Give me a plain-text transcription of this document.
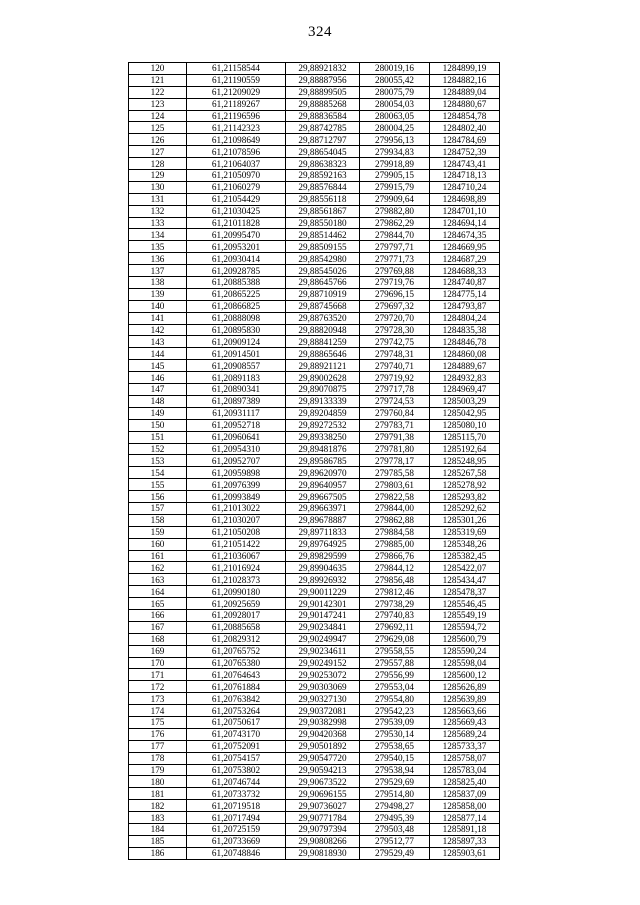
324
120	61,21158544	29,88921832	280019,16	1284899,19
121	61,21190559	29,88887956	280055,42	1284882,16
122	61,21209029	29,88899505	280075,79	1284889,04
123	61,21189267	29,88885268	280054,03	1284880,67
124	61,21196596	29,88836584	280063,05	1284854,78
125	61,21142323	29,88742785	280004,25	1284802,40
126	61,21098649	29,88712797	279956,13	1284784,69
127	61,21078596	29,88654045	279934,83	1284752,39
128	61,21064037	29,88638323	279918,89	1284743,41
129	61,21050970	29,88592163	279905,15	1284718,13
130	61,21060279	29,88576844	279915,79	1284710,24
131	61,21054429	29,88556118	279909,64	1284698,89
132	61,21030425	29,88561867	279882,80	1284701,10
133	61,21011828	29,88550180	279862,29	1284694,14
134	61,20995470	29,88514462	279844,70	1284674,35
135	61,20953201	29,88509155	279797,71	1284669,95
136	61,20930414	29,88542980	279771,73	1284687,29
137	61,20928785	29,88545026	279769,88	1284688,33
138	61,20885388	29,88645766	279719,76	1284740,87
139	61,20865225	29,88710919	279696,15	1284775,14
140	61,20866825	29,88745668	279697,32	1284793,87
141	61,20888098	29,88763520	279720,70	1284804,24
142	61,20895830	29,88820948	279728,30	1284835,38
143	61,20909124	29,88841259	279742,75	1284846,78
144	61,20914501	29,88865646	279748,31	1284860,08
145	61,20908557	29,88921121	279740,71	1284889,67
146	61,20891183	29,89002628	279719,92	1284932,83
147	61,20890341	29,89070875	279717,78	1284969,47
148	61,20897389	29,89133339	279724,53	1285003,29
149	61,20931117	29,89204859	279760,84	1285042,95
150	61,20952718	29,89272532	279783,71	1285080,10
151	61,20960641	29,89338250	279791,38	1285115,70
152	61,20954310	29,89481876	279781,80	1285192,64
153	61,20952707	29,89586785	279778,17	1285248,95
154	61,20959898	29,89620970	279785,58	1285267,58
155	61,20976399	29,89640957	279803,61	1285278,92
156	61,20993849	29,89667505	279822,58	1285293,82
157	61,21013022	29,89663971	279844,00	1285292,62
158	61,21030207	29,89678887	279862,88	1285301,26
159	61,21050208	29,89711833	279884,58	1285319,69
160	61,21051422	29,89764925	279885,00	1285348,26
161	61,21036067	29,89829599	279866,76	1285382,45
162	61,21016924	29,89904635	279844,12	1285422,07
163	61,21028373	29,89926932	279856,48	1285434,47
164	61,20990180	29,90011229	279812,46	1285478,37
165	61,20925659	29,90142301	279738,29	1285546,45
166	61,20928017	29,90147241	279740,83	1285549,19
167	61,20885658	29,90234841	279692,11	1285594,72
168	61,20829312	29,90249947	279629,08	1285600,79
169	61,20765752	29,90234611	279558,55	1285590,24
170	61,20765380	29,90249152	279557,88	1285598,04
171	61,20764643	29,90253072	279556,99	1285600,12
172	61,20761884	29,90303069	279553,04	1285626,89
173	61,20763842	29,90327130	279554,80	1285639,89
174	61,20753264	29,90372081	279542,23	1285663,66
175	61,20750617	29,90382998	279539,09	1285669,43
176	61,20743170	29,90420368	279530,14	1285689,24
177	61,20752091	29,90501892	279538,65	1285733,37
178	61,20754157	29,90547720	279540,15	1285758,07
179	61,20753802	29,90594213	279538,94	1285783,04
180	61,20746744	29,90673522	279529,69	1285825,40
181	61,20733732	29,90696155	279514,80	1285837,09
182	61,20719518	29,90736027	279498,27	1285858,00
183	61,20717494	29,90771784	279495,39	1285877,14
184	61,20725159	29,90797394	279503,48	1285891,18
185	61,20733669	29,90808266	279512,77	1285897,33
186	61,20748846	29,90818930	279529,49	1285903,61
